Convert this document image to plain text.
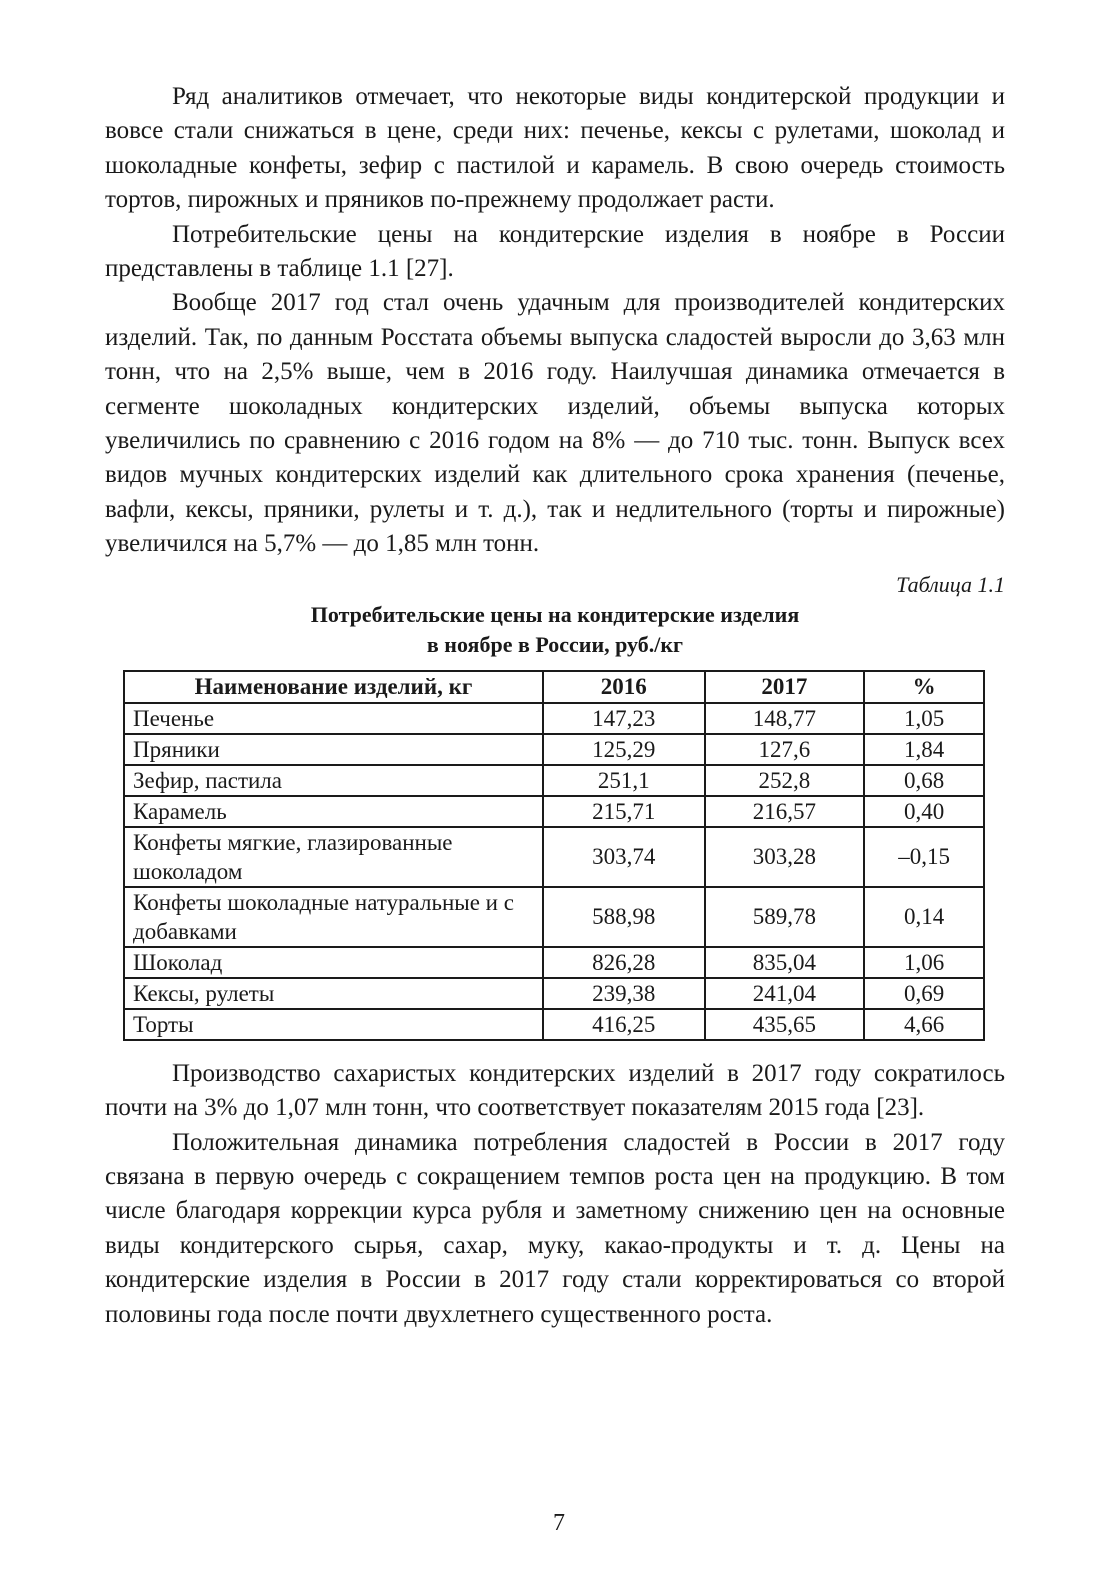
Ряд аналитиков отмечает, что некоторые виды кондитерской продукции и вовсе стали снижаться в цене, среди них: печенье, кексы с рулетами, шоколад и шоколадные конфеты, зефир с пастилой и карамель. В свою очередь стоимость тортов, пирожных и пряников по-прежнему продолжает расти.

Потребительские цены на кондитерские изделия в ноябре в России представлены в таблице 1.1 [27].

Вообще 2017 год стал очень удачным для производителей кондитерских изделий. Так, по данным Росстата объемы выпуска сладостей выросли до 3,63 млн тонн, что на 2,5% выше, чем в 2016 году. Наилучшая динамика отмечается в сегменте шоколадных кондитерских изделий, объемы выпуска которых увеличились по сравнению с 2016 годом на 8% — до 710 тыс. тонн. Выпуск всех видов мучных кондитерских изделий как длительного срока хранения (печенье, вафли, кексы, пряники, рулеты и т. д.), так и недлительного (торты и пирожные) увеличился на 5,7% — до 1,85 млн тонн.

Таблица 1.1
Потребительские цены на кондитерские изделия
в ноябре в России, руб./кг
Наименование изделий, кг	2016	2017	%
Печенье	147,23	148,77	1,05
Пряники	125,29	127,6	1,84
Зефир, пастила	251,1	252,8	0,68
Карамель	215,71	216,57	0,40
Конфеты мягкие, глазированные шоколадом	303,74	303,28	–0,15
Конфеты шоколадные натуральные и с добавками	588,98	589,78	0,14
Шоколад	826,28	835,04	1,06
Кексы, рулеты	239,38	241,04	0,69
Торты	416,25	435,65	4,66

Производство сахаристых кондитерских изделий в 2017 году сократилось почти на 3% до 1,07 млн тонн, что соответствует показателям 2015 года [23].

Положительная динамика потребления сладостей в России в 2017 году связана в первую очередь с сокращением темпов роста цен на продукцию. В том числе благодаря коррекции курса рубля и заметному снижению цен на основные виды кондитерского сырья, сахар, муку, какао-продукты и т. д. Цены на кондитерские изделия в России в 2017 году стали корректироваться со второй половины года после почти двухлетнего существенного роста.

7
